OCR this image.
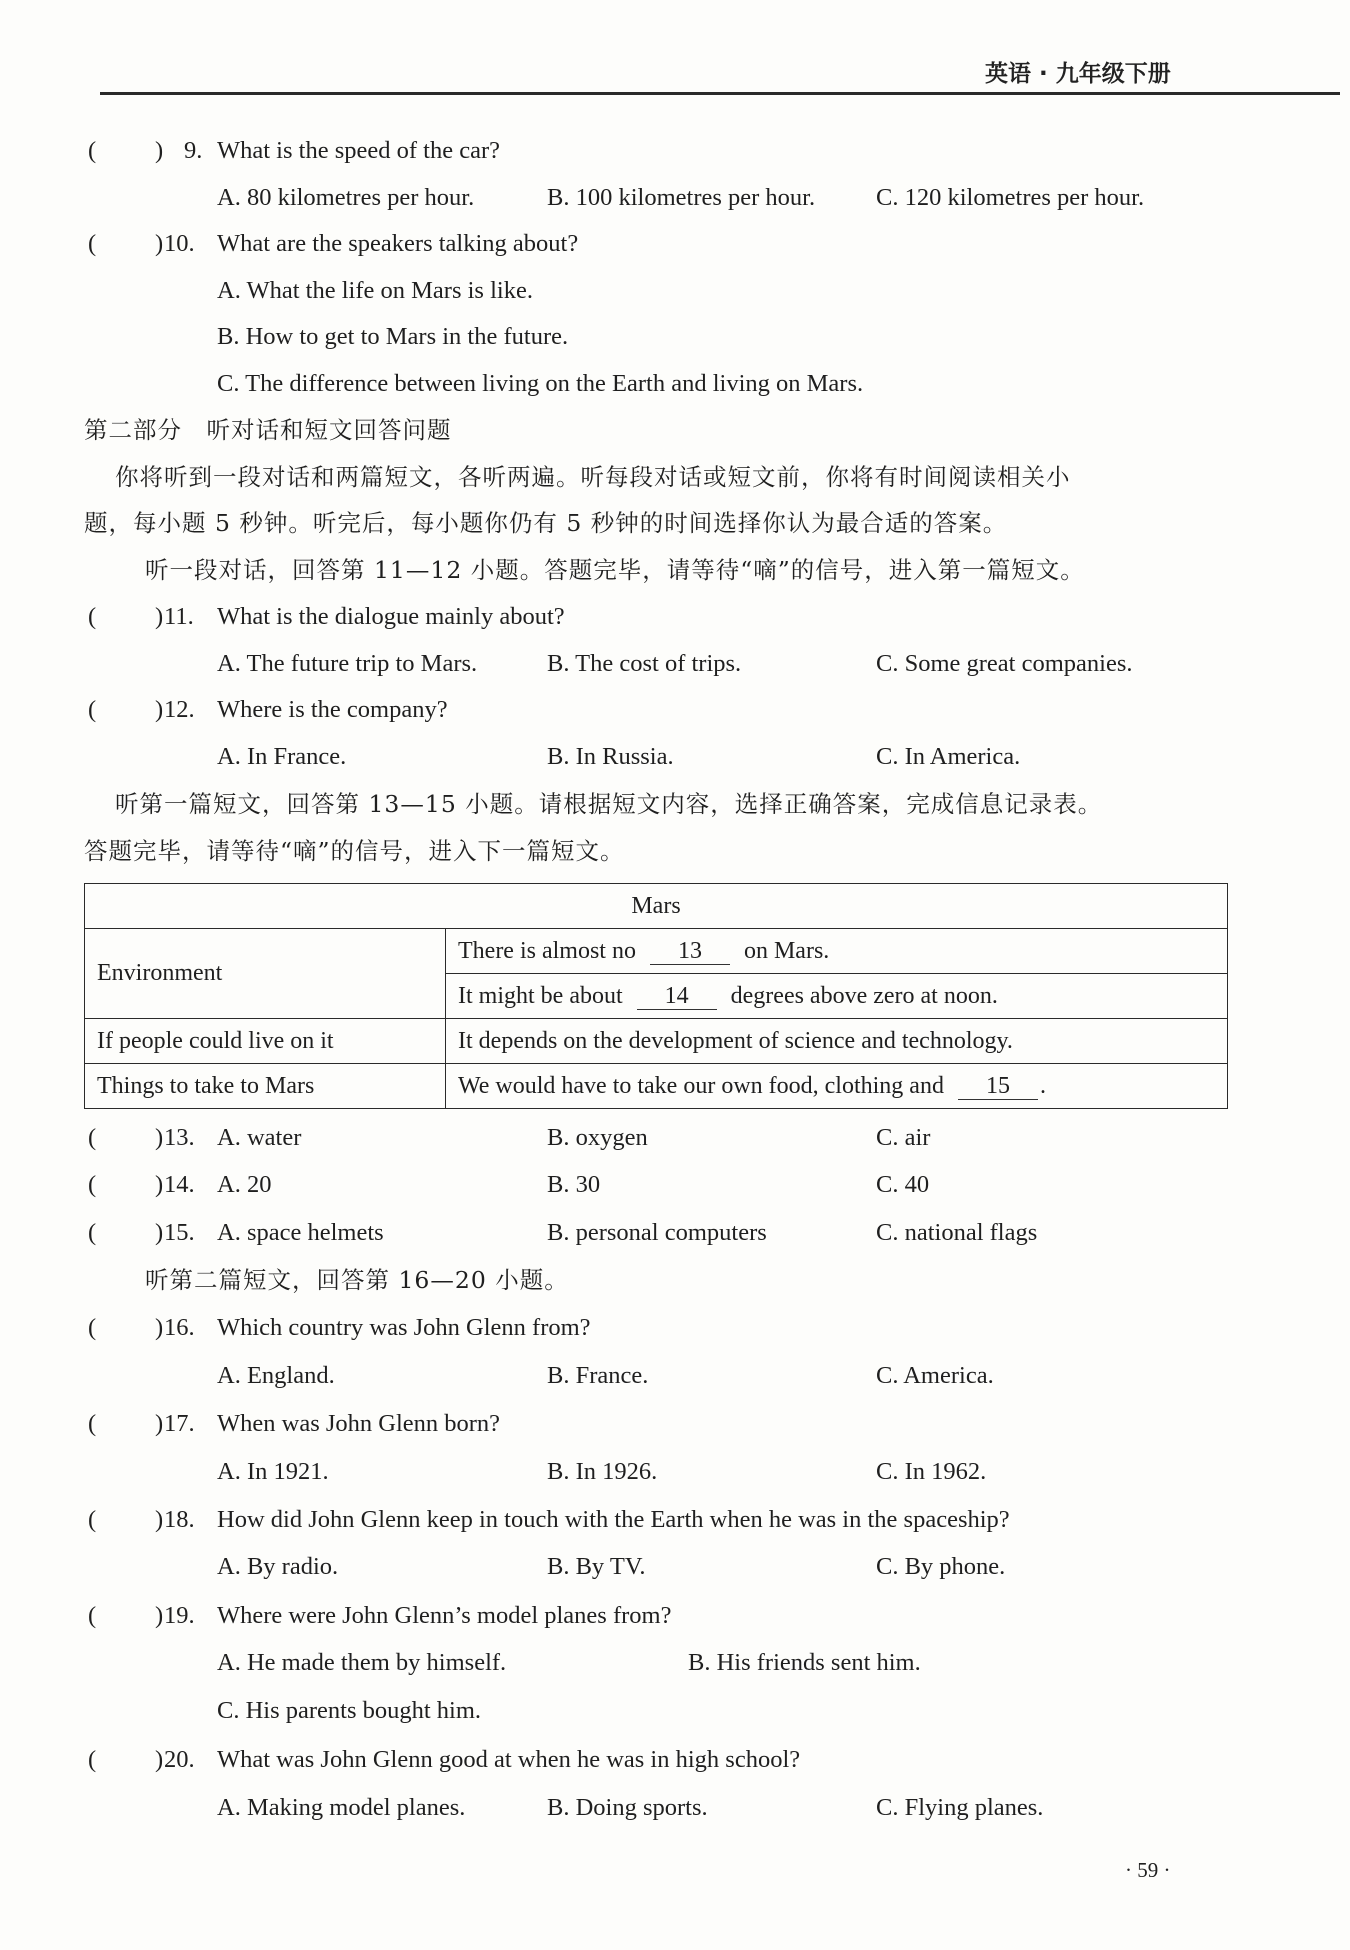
英语 · 九年级下册
( ) 9. What is the speed of the car?
A. 80 kilometres per hour.	B. 100 kilometres per hour. C. 120 kilometres per hour.
( ) 10. What are the speakers talking about?
A. What the life on Mars is like.
B. How to get to Mars in the future.
C. The difference between living on the Earth and living on Mars.
第二部分　听对话和短文回答问题
你将听到一段对话和两篇短文，各听两遍。听每段对话或短文前，你将有时间阅读相关小
题，每小题 5 秒钟。听完后，每小题你仍有 5 秒钟的时间选择你认为最合适的答案。
听一段对话，回答第 11—12 小题。答题完毕，请等待“嘀”的信号，进入第一篇短文。
( ) 11. What is the dialogue mainly about?
A. The future trip to Mars.	B. The cost of trips.	C. Some great companies.
( ) 12. Where is the company?
A. In France.	B. In Russia.	C. In America.
听第一篇短文，回答第 13—15 小题。请根据短文内容，选择正确答案，完成信息记录表。
答题完毕，请等待“嘀”的信号，进入下一篇短文。
Mars	
Environment	There is almost no 13 on Mars.
	It might be about 14 degrees above zero at noon.
If people could live on it	It depends on the development of science and technology.
Things to take to Mars	We would have to take our own food, clothing and 15 .
( ) 13. A. water	B. oxygen	C. air
( ) 14. A. 20	B. 30	C. 40
( ) 15. A. space helmets	B. personal computers	C. national flags
听第二篇短文，回答第 16—20 小题。
( ) 16. Which country was John Glenn from?
A. England.	B. France.	C. America.
( ) 17. When was John Glenn born?
A. In 1921.	B. In 1926.	C. In 1962.
( ) 18. How did John Glenn keep in touch with the Earth when he was in the spaceship?
A. By radio.	B. By TV.	C. By phone.
( ) 19. Where were John Glenn’s model planes from?
A. He made them by himself.	B. His friends sent him.
C. His parents bought him.
( ) 20. What was John Glenn good at when he was in high school?
A. Making model planes.	B. Doing sports.	C. Flying planes.
· 59 ·
